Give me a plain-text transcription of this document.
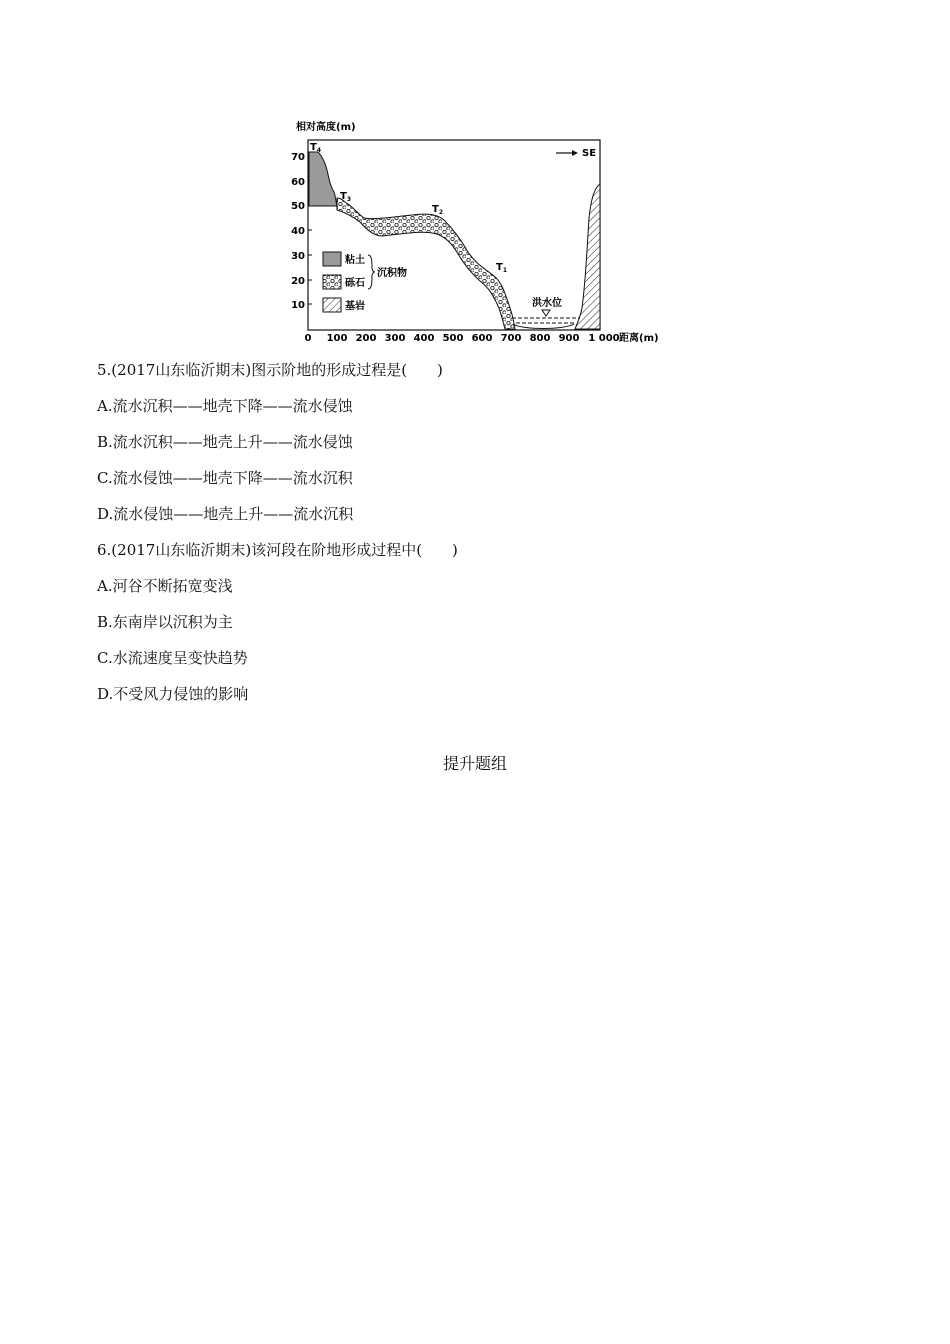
相对高度(m)
70
60
50
40
30
20
10
0 100 200 300 400 500 600 700 800 900 1 000 距离(m)
SE
洪水位
$T_4$
$T_3$
$T_2$
$T_1$
粘土
砾石
沉积物
基岩
5.(2017山东临沂期末)图示阶地的形成过程是(　　)
A.流水沉积——地壳下降——流水侵蚀
B.流水沉积——地壳上升——流水侵蚀
C.流水侵蚀——地壳下降——流水沉积
D.流水侵蚀——地壳上升——流水沉积
6.(2017山东临沂期末)该河段在阶地形成过程中(　　)
A.河谷不断拓宽变浅
B.东南岸以沉积为主
C.水流速度呈变快趋势
D.不受风力侵蚀的影响
提升题组
